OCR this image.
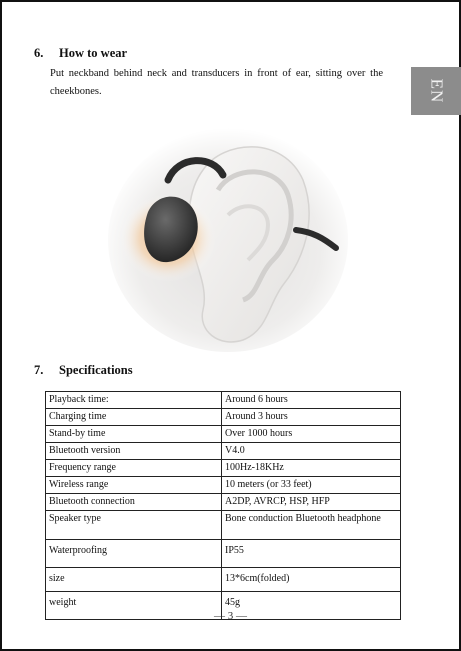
EN
6. How to wear

Put neckband behind neck and transducers in front of ear, sitting over the cheekbones.

7. Specifications
Playback time:	Around 6 hours
Charging time	Around 3 hours
Stand-by time	Over 1000 hours
Bluetooth version	V4.0
Frequency range	100Hz-18KHz
Wireless range	10 meters (or 33 feet)
Bluetooth connection	A2DP, AVRCP, HSP, HFP
Speaker type	Bone conduction Bluetooth headphone
Waterproofing	IP55
size	13*6cm(folded)
weight	45g
— 3 —
